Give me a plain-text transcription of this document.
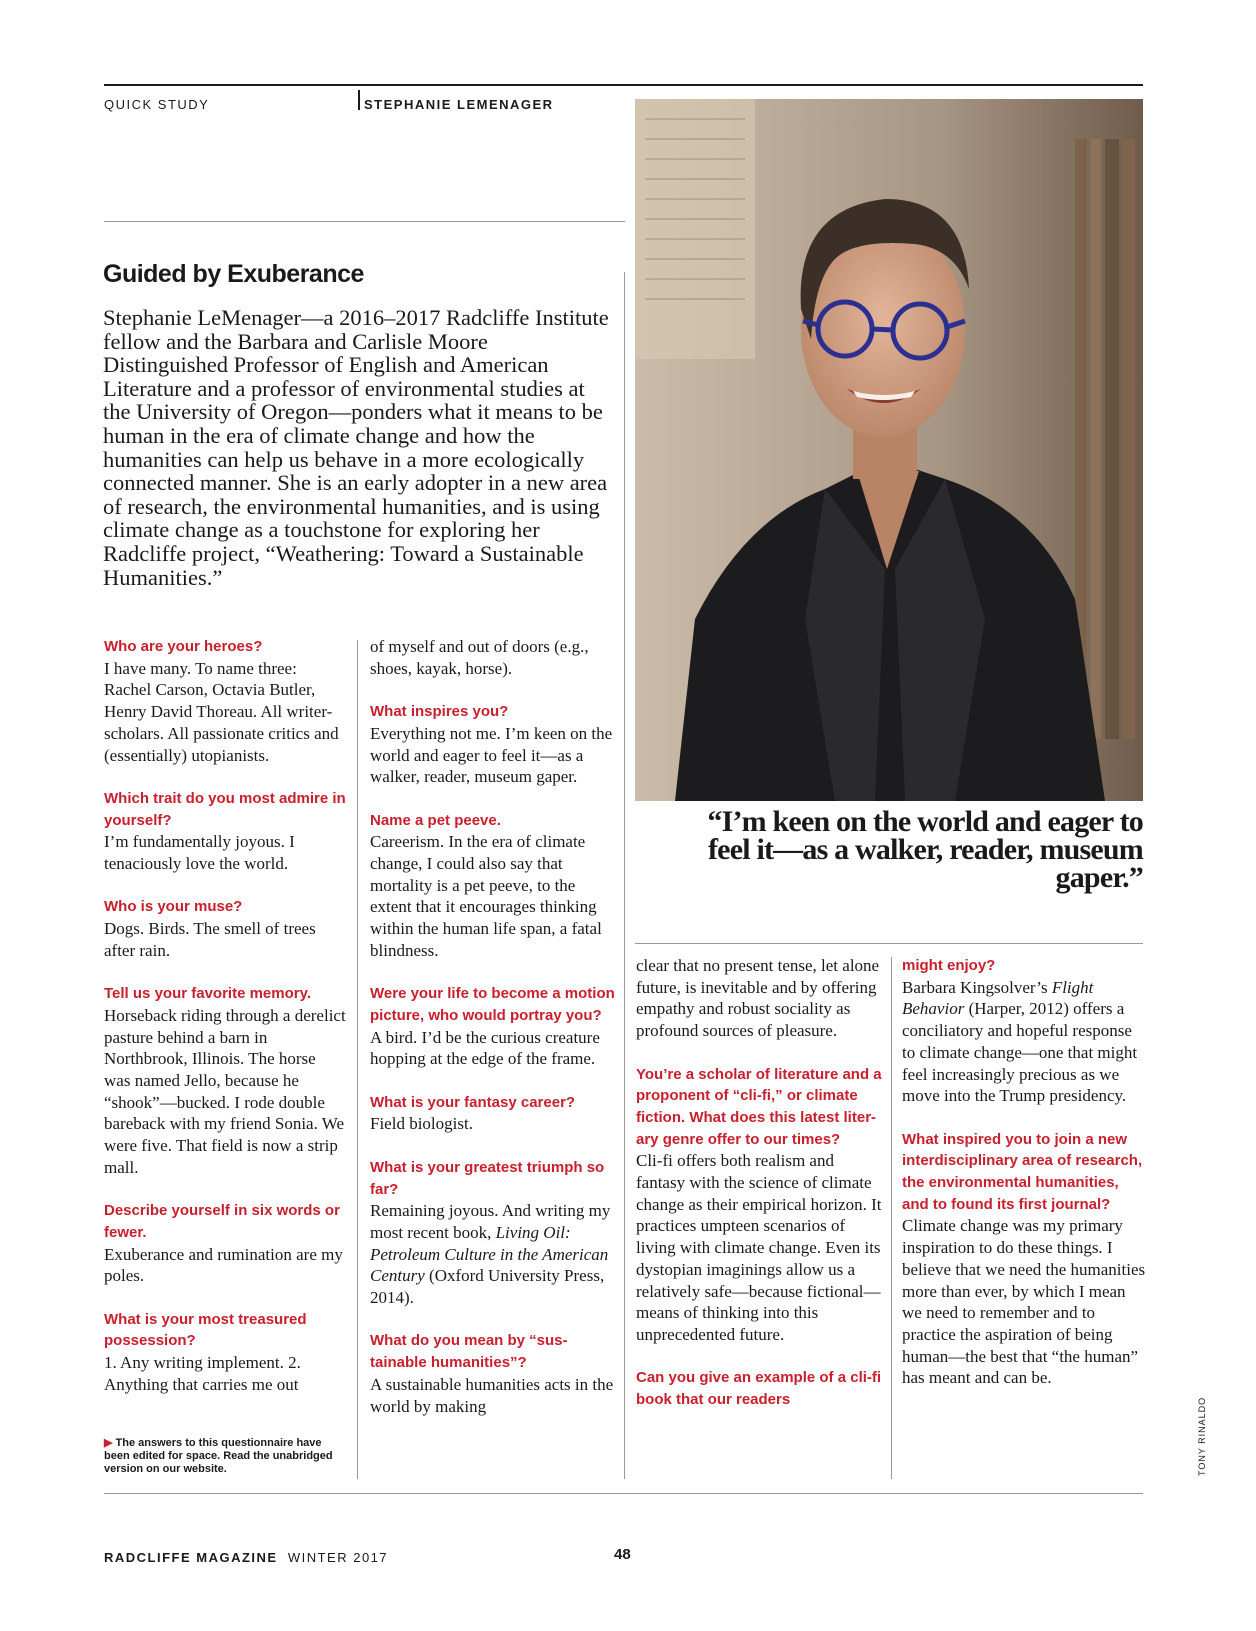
QUICK STUDY	STEPHANIE LEMENAGER
Guided by Exuberance
Stephanie LeMenager—a 2016–2017 Radcliffe Institute fellow and the Barbara and Carlisle Moore Distinguished Professor of English and American Literature and a professor of environmental studies at the University of Oregon—ponders what it means to be human in the era of climate change and how the humanities can help us behave in a more ecologically connected manner. She is an early adopter in a new area of research, the environmental humanities, and is using climate change as a touchstone for exploring her Radcliffe project, “Weathering: Toward a Sustainable Humanities.”

Who are your heroes?
I have many. To name three: Rachel Carson, Octavia Butler, Henry David Thoreau. All writer-scholars. All passionate critics and (essentially) utopianists.

Which trait do you most admire in yourself?
I’m fundamentally joyous. I tenaciously love the world.

Who is your muse?
Dogs. Birds. The smell of trees after rain.

Tell us your favorite memory.
Horseback riding through a derelict pasture behind a barn in Northbrook, Illinois. The horse was named Jello, because he “shook”—bucked. I rode double bareback with my friend Sonia. We were five. That field is now a strip mall.

Describe yourself in six words or fewer.
Exuberance and rumination are my poles.

What is your most treasured possession?
1. Any writing implement. 2. Anything that carries me out

▶ The answers to this questionnaire have been edited for space. Read the unabridged version on our website.

of myself and out of doors (e.g., shoes, kayak, horse).

What inspires you?
Everything not me. I’m keen on the world and eager to feel it—as a walker, reader, museum gaper.

Name a pet peeve.
Careerism. In the era of climate change, I could also say that mortality is a pet peeve, to the extent that it encourages thinking within the human life span, a fatal blindness.

Were your life to become a motion picture, who would portray you?
A bird. I’d be the curious creature hopping at the edge of the frame.

What is your fantasy career?
Field biologist.

What is your greatest triumph so far?
Remaining joyous. And writing my most recent book, Living Oil: Petroleum Culture in the American Century (Oxford University Press, 2014).

What do you mean by “sustainable humanities”?
A sustainable humanities acts in the world by making

“I’m keen on the world and eager to feel it—as a walker, reader, museum gaper.”

clear that no present tense, let alone future, is inevitable and by offering empathy and robust sociality as profound sources of pleasure.

You’re a scholar of literature and a proponent of “cli-fi,” or climate fiction. What does this latest literary genre offer to our times?
Cli-fi offers both realism and fantasy with the science of climate change as their empirical horizon. It practices umpteen scenarios of living with climate change. Even its dystopian imaginings allow us a relatively safe—because fictional—means of thinking into this unprecedented future.

Can you give an example of a cli-fi book that our readers

might enjoy?
Barbara Kingsolver’s Flight Behavior (Harper, 2012) offers a conciliatory and hopeful response to climate change—one that might feel increasingly precious as we move into the Trump presidency.

What inspired you to join a new interdisciplinary area of research, the environmental humanities, and to found its first journal?
Climate change was my primary inspiration to do these things. I believe that we need the humanities more than ever, by which I mean we need to remember and to practice the aspiration of being human—the best that “the human” has meant and can be.

TONY RINALDO
RADCLIFFE MAGAZINE WINTER 2017	48
